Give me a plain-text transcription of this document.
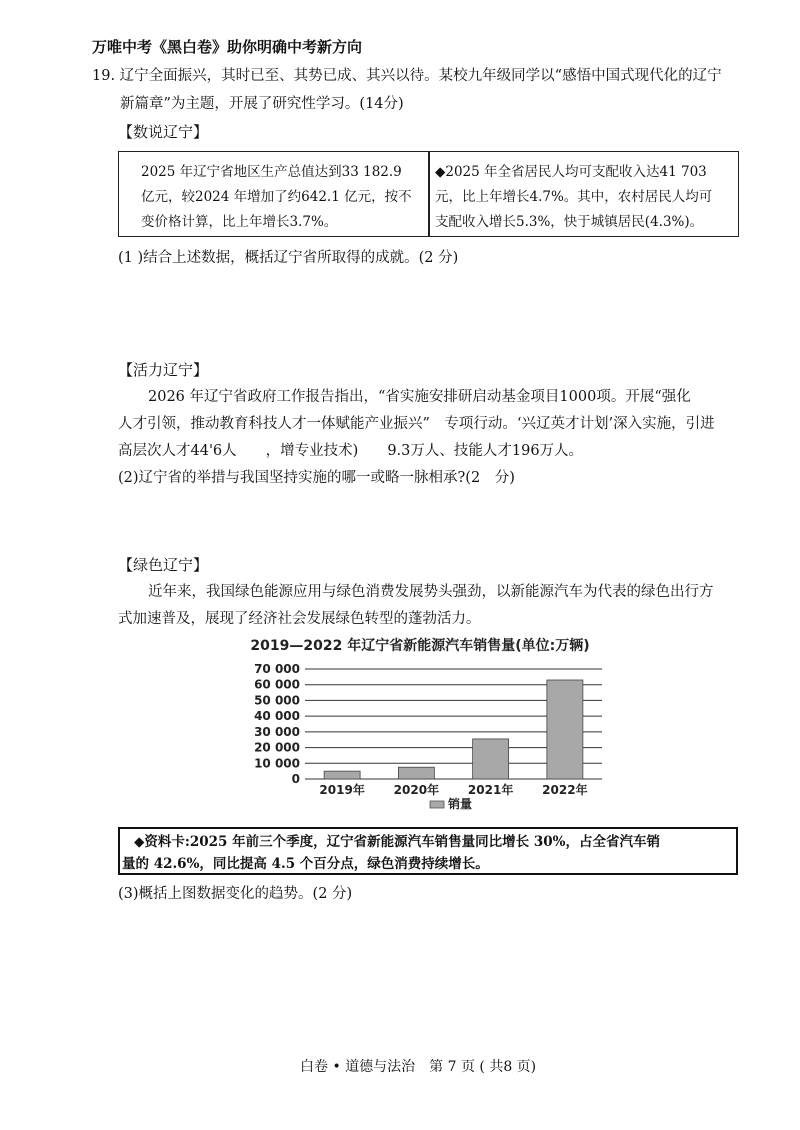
万唯中考《黑白卷》助你明确中考新方向
19. 辽宁全面振兴，其时已至、其势已成、其兴以待。某校九年级同学以“感悟中国式现代化的辽宁
新篇章”为主题，开展了研究性学习。(14分)
【数说辽宁】
2025 年辽宁省地区生产总值达到33 182.9
亿元，较2024 年增加了约642.1 亿元，按不
变价格计算，比上年增长3.7%。
◆2025 年全省居民人均可支配收入达41 703
元，比上年增长4.7%。其中，农村居民人均可
支配收入增长5.3%，快于城镇居民(4.3%)。
(1 )结合上述数据，概括辽宁省所取得的成就。(2 分)
【活力辽宁】
2026 年辽宁省政府工作报告指出，“省实施安排研启动基金项目1000项。开展“强化
人才引领，推动教育科技人才一体赋能产业振兴”　专项行动。‘兴辽英才计划’深入实施，引进
高层次人才44'6人　　，增专业技术)　　9.3万人、技能人才196万人。
(2)辽宁省的举措与我国坚持实施的哪一或略一脉相承?(2　分)
【绿色辽宁】
近年来，我国绿色能源应用与绿色消费发展势头强劲，以新能源汽车为代表的绿色出行方
式加速普及，展现了经济社会发展绿色转型的蓬勃活力。
2019—2022 年辽宁省新能源汽车销售量(单位:万辆)
70 000
60 000
50 000
40 000
30 000
20 000
10 000
0
2019年 2020年 2021年 2022年
销量
◆资料卡:2025 年前三个季度，辽宁省新能源汽车销售量同比增长 30%，占全省汽车销
量的 42.6%，同比提高 4.5 个百分点，绿色消费持续增长。
(3)概括上图数据变化的趋势。(2 分)
白卷 • 道德与法治　第 7 页 ( 共8 页)
